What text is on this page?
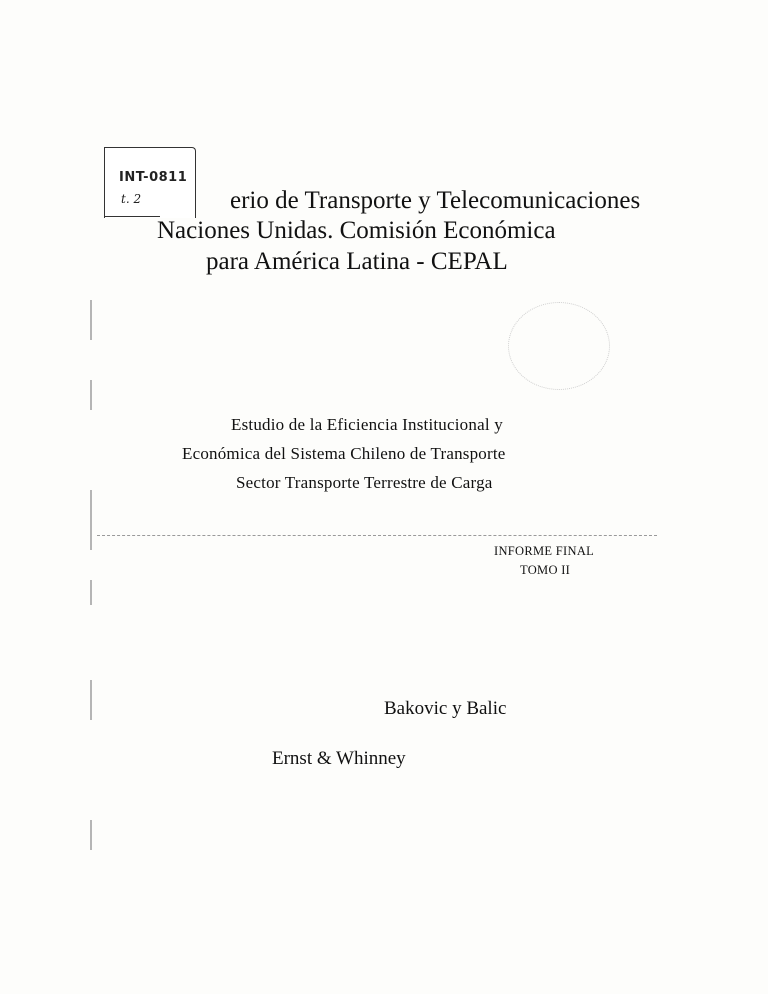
INT-0811
t. 2	erio de Transporte y Telecomunicaciones
Naciones Unidas. Comisión Económica
para América Latina - CEPAL
Estudio de la Eficiencia Institucional y
Económica del Sistema Chileno de Transporte
Sector Transporte Terrestre de Carga
INFORME FINAL
TOMO II
Bakovic y Balic
Ernst & Whinney
